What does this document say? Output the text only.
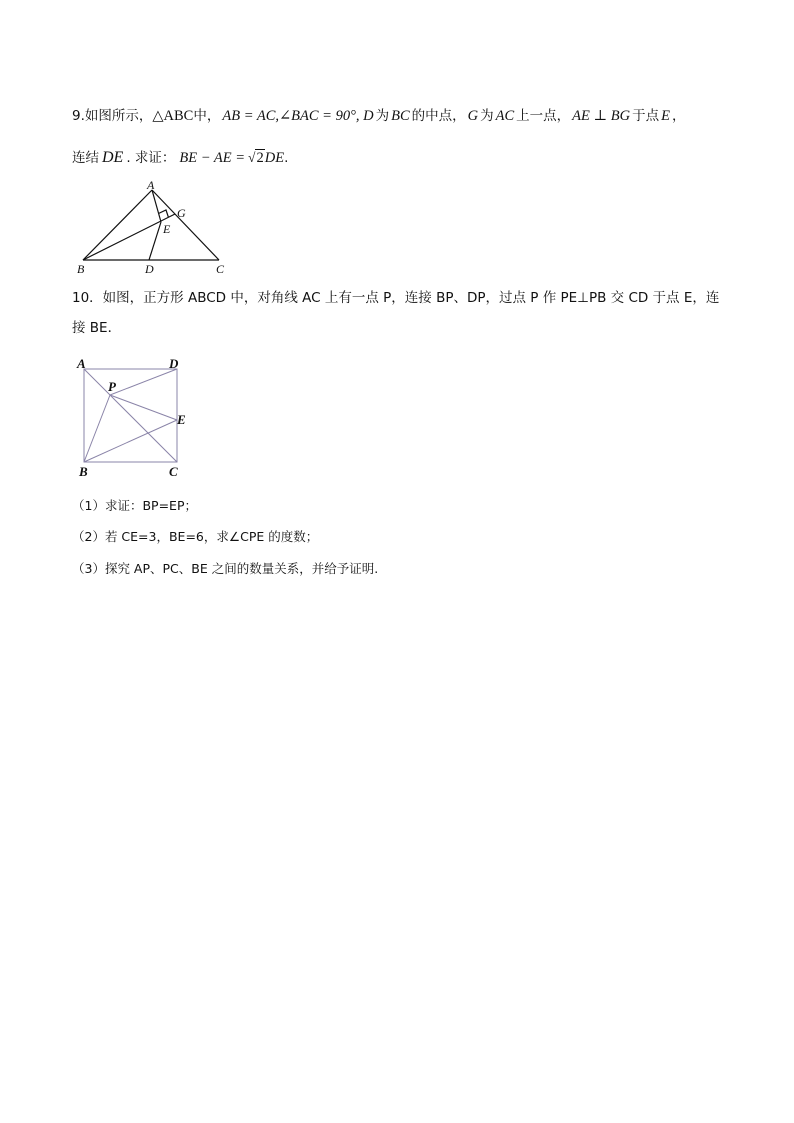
9.如图所示，△ABC中， AB = AC,∠BAC = 90°, D 为 BC 的中点， G 为 AC 上一点， AE ⊥ BG 于点 E ，
连结 DE . 求证： BE − AE = √2DE.
A
G
E
B	D	C
10．如图，正方形 ABCD 中，对角线 AC 上有一点 P，连接 BP、DP，过点 P 作 PE⊥PB 交 CD 于点 E，连
接 BE．
A	D
P
E
B	C
（1）求证：BP=EP；
（2）若 CE=3，BE=6，求∠CPE 的度数；
（3）探究 AP、PC、BE 之间的数量关系，并给予证明.
